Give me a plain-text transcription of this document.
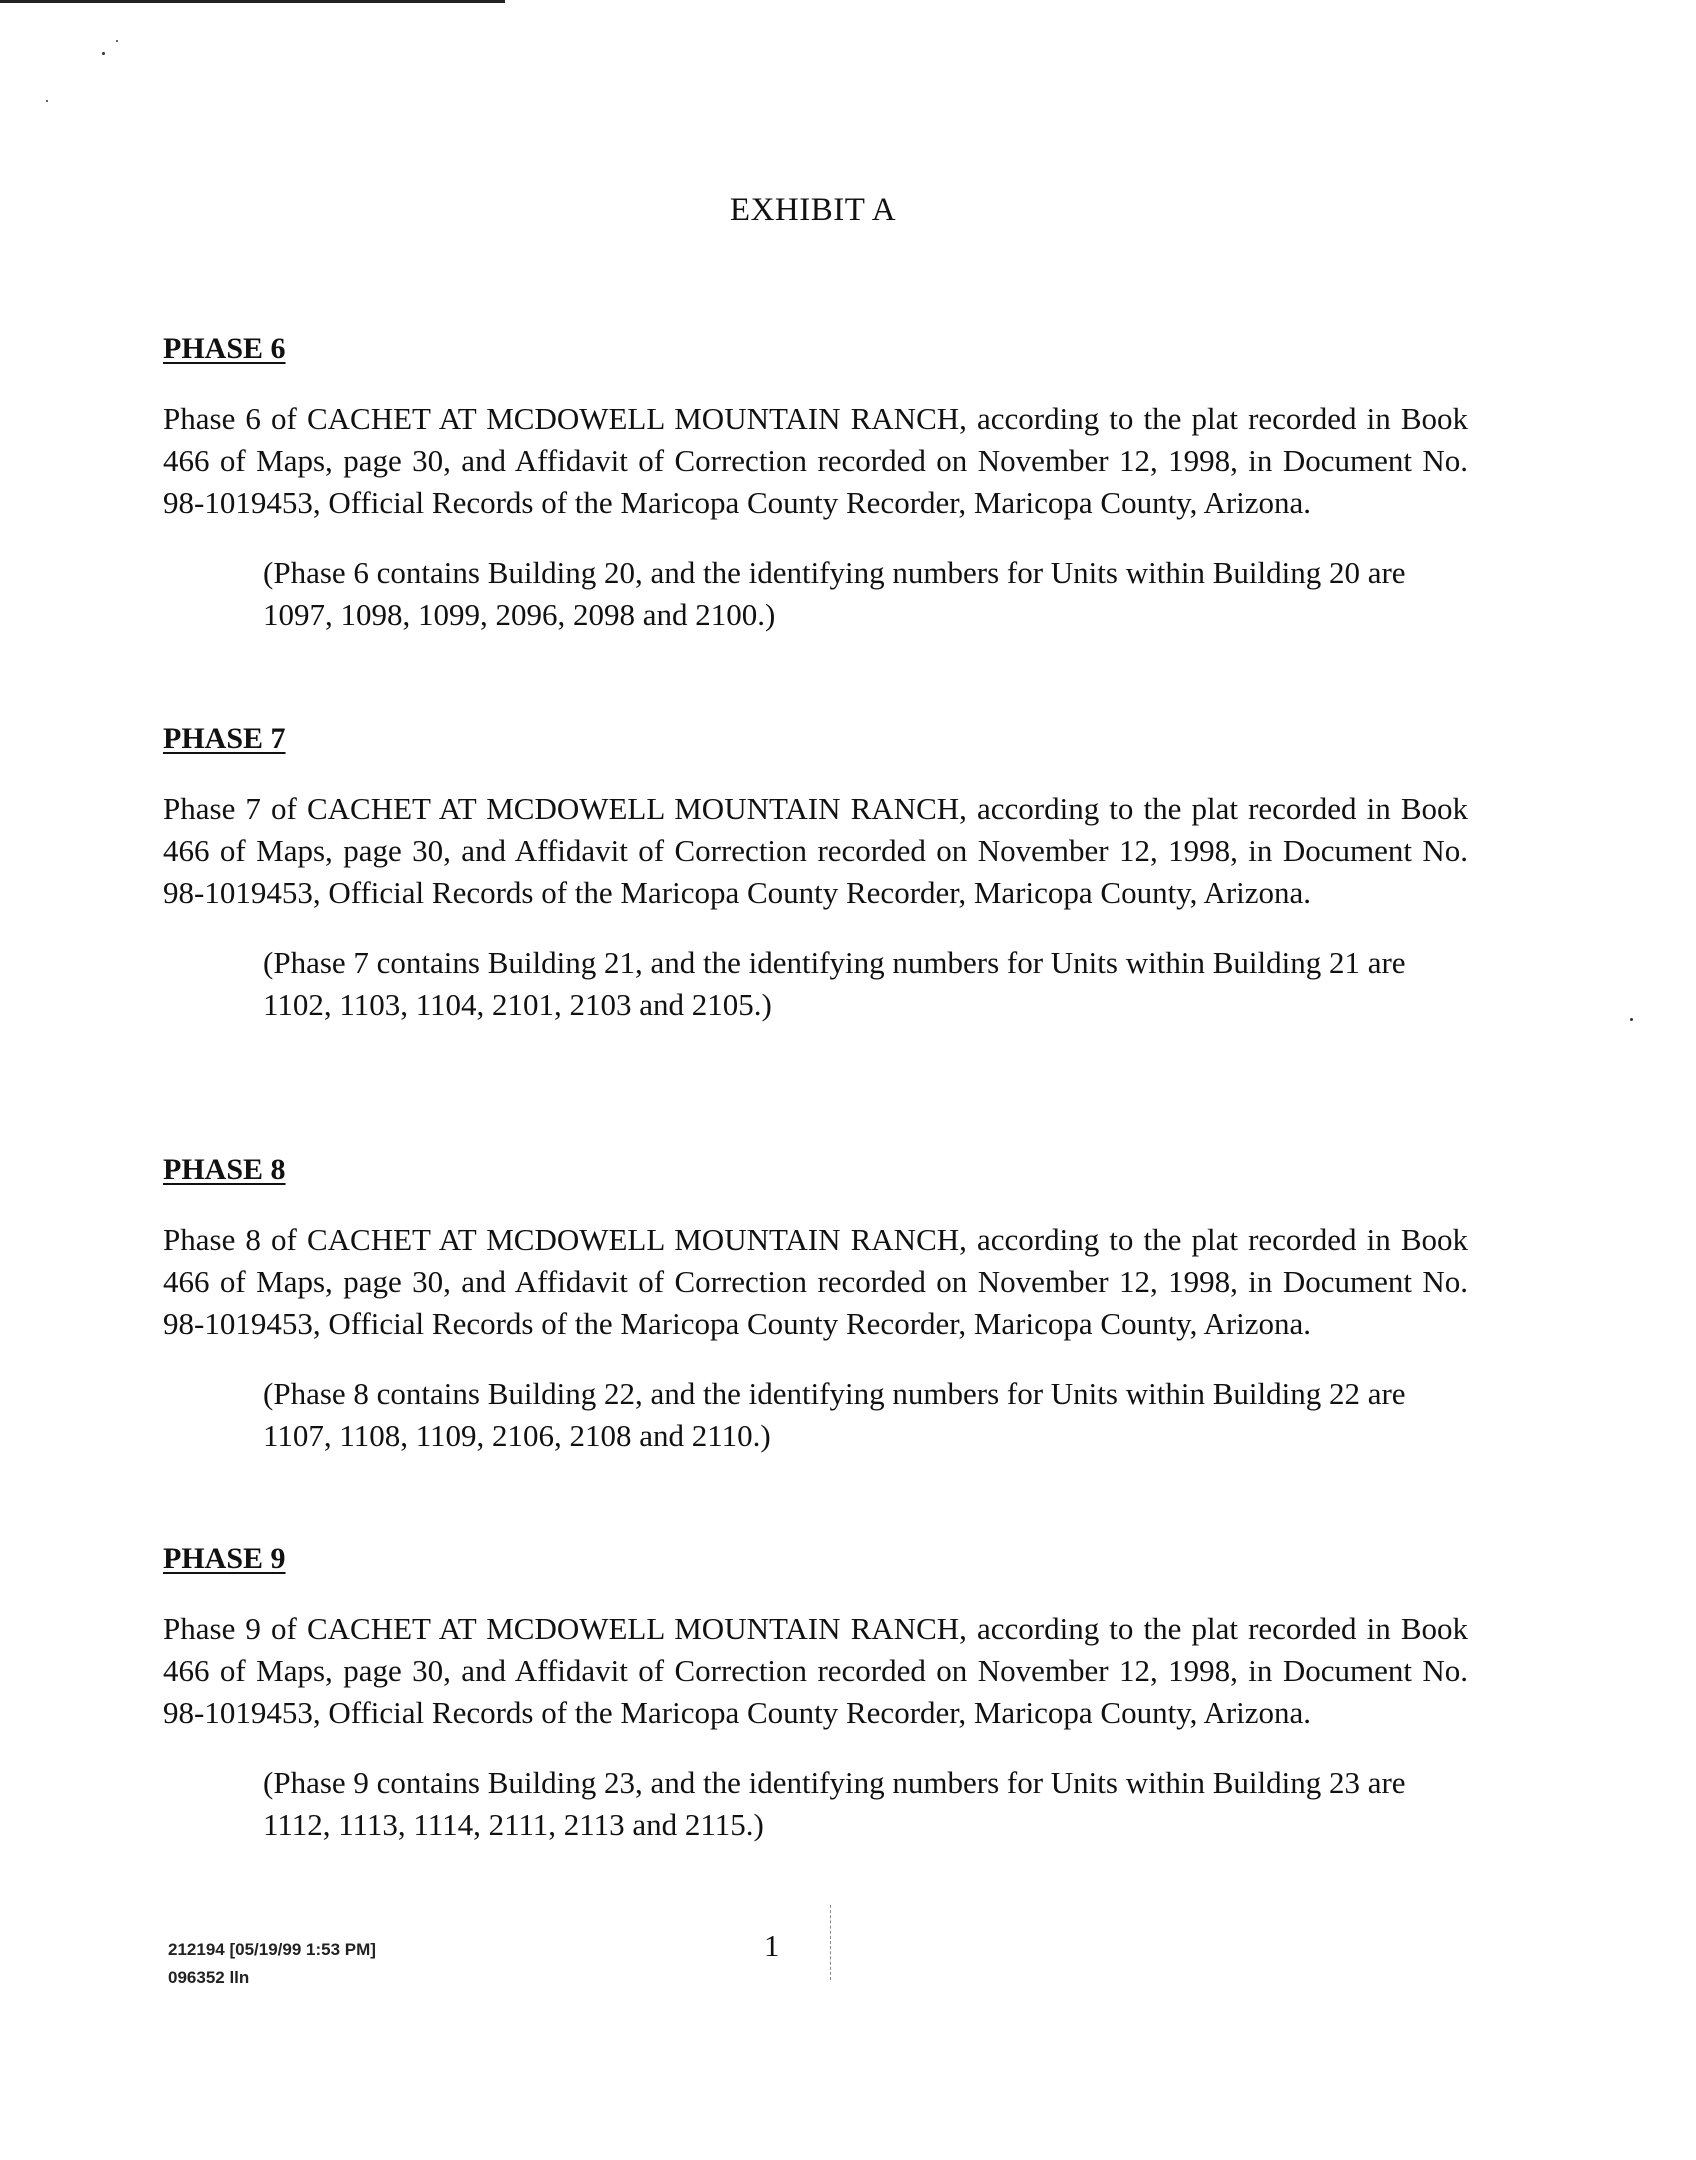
EXHIBIT A
PHASE 6

Phase 6 of CACHET AT MCDOWELL MOUNTAIN RANCH, according to the plat recorded in Book 466 of Maps, page 30, and Affidavit of Correction recorded on November 12, 1998, in Document No. 98-1019453, Official Records of the Maricopa County Recorder, Maricopa County, Arizona.

(Phase 6 contains Building 20, and the identifying numbers for Units within Building 20 are 1097, 1098, 1099, 2096, 2098 and 2100.)

PHASE 7

Phase 7 of CACHET AT MCDOWELL MOUNTAIN RANCH, according to the plat recorded in Book 466 of Maps, page 30, and Affidavit of Correction recorded on November 12, 1998, in Document No. 98-1019453, Official Records of the Maricopa County Recorder, Maricopa County, Arizona.

(Phase 7 contains Building 21, and the identifying numbers for Units within Building 21 are 1102, 1103, 1104, 2101, 2103 and 2105.)

PHASE 8

Phase 8 of CACHET AT MCDOWELL MOUNTAIN RANCH, according to the plat recorded in Book 466 of Maps, page 30, and Affidavit of Correction recorded on November 12, 1998, in Document No. 98-1019453, Official Records of the Maricopa County Recorder, Maricopa County, Arizona.

(Phase 8 contains Building 22, and the identifying numbers for Units within Building 22 are 1107, 1108, 1109, 2106, 2108 and 2110.)

PHASE 9

Phase 9 of CACHET AT MCDOWELL MOUNTAIN RANCH, according to the plat recorded in Book 466 of Maps, page 30, and Affidavit of Correction recorded on November 12, 1998, in Document No. 98-1019453, Official Records of the Maricopa County Recorder, Maricopa County, Arizona.

(Phase 9 contains Building 23, and the identifying numbers for Units within Building 23 are 1112, 1113, 1114, 2111, 2113 and 2115.)

212194 [05/19/99 1:53 PM]
096352 lln
1
